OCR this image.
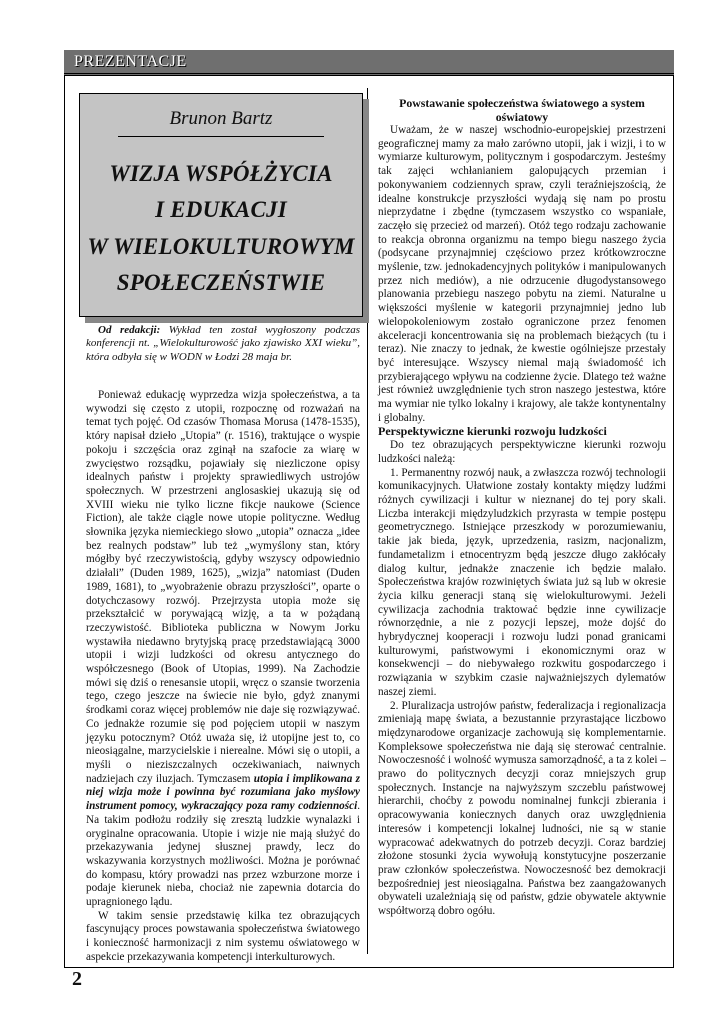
PREZENTACJE
Brunon Bartz
WIZJA WSPÓŁŻYCIA
I EDUKACJI
W WIELOKULTUROWYM
SPOŁECZEŃSTWIE

Od redakcji: Wykład ten został wygłoszony podczas konferencji nt. „Wielokulturowość jako zjawisko XXI wieku”, która odbyła się w WODN w Łodzi 28 maja br.

Ponieważ edukację wyprzedza wizja społeczeństwa, a ta wywodzi się często z utopii, rozpocznę od rozważań na temat tych pojęć. Od czasów Thomasa Morusa (1478-1535), który napisał dzieło „Utopia” (r. 1516), traktujące o wyspie pokoju i szczęścia oraz zginął na szafocie za wiarę w zwycięstwo rozsądku, pojawiały się niezliczone opisy idealnych państw i projekty sprawiedliwych ustrojów społecznych. W przestrzeni anglosaskiej ukazują się od XVIII wieku nie tylko liczne fikcje naukowe (Science Fiction), ale także ciągle nowe utopie polityczne. Według słownika języka niemieckiego słowo „utopia” oznacza „idee bez realnych podstaw” lub też „wymyślony stan, który mógłby być rzeczywistością, gdyby wszyscy odpowiednio działali” (Duden 1989, 1625), „wizja” natomiast (Duden 1989, 1681), to „wyobrażenie obrazu przyszłości”, oparte o dotychczasowy rozwój. Przejrzysta utopia może się przekształcić w porywającą wizję, a ta w pożądaną rzeczywistość. Biblioteka publiczna w Nowym Jorku wystawiła niedawno brytyjską pracę przedstawiającą 3000 utopii i wizji ludzkości od okresu antycznego do współczesnego (Book of Utopias, 1999). Na Zachodzie mówi się dziś o renesansie utopii, wręcz o szansie tworzenia tego, czego jeszcze na świecie nie było, gdyż znanymi środkami coraz więcej problemów nie daje się rozwiązywać. Co jednakże rozumie się pod pojęciem utopii w naszym języku potocznym? Otóż uważa się, iż utopijne jest to, co nieosiągalne, marzycielskie i nierealne. Mówi się o utopii, a myśli o nieziszczalnych oczekiwaniach, naiwnych nadziejach czy iluzjach. Tymczasem utopia i implikowana z niej wizja może i powinna być rozumiana jako myślowy instrument pomocy, wykraczający poza ramy codzienności. Na takim podłożu rodziły się zresztą ludzkie wynalazki i oryginalne opracowania. Utopie i wizje nie mają służyć do przekazywania jedynej słusznej prawdy, lecz do wskazywania korzystnych możliwości. Można je porównać do kompasu, który prowadzi nas przez wzburzone morze i podaje kierunek nieba, chociaż nie zapewnia dotarcia do upragnionego lądu.

W takim sensie przedstawię kilka tez obrazujących fascynujący proces powstawania społeczeństwa światowego i konieczność harmonizacji z nim systemu oświatowego w aspekcie przekazywania kompetencji interkulturowych.

Powstawanie społeczeństwa światowego a system oświatowy

Uważam, że w naszej wschodnio-europejskiej przestrzeni geograficznej mamy za mało zarówno utopii, jak i wizji, i to w wymiarze kulturowym, politycznym i gospodarczym. Jesteśmy tak zajęci wchłanianiem galopujących przemian i pokonywaniem codziennych spraw, czyli teraźniejszością, że idealne konstrukcje przyszłości wydają się nam po prostu nieprzydatne i zbędne (tymczasem wszystko co wspaniałe, zaczęło się przecież od marzeń). Otóż tego rodzaju zachowanie to reakcja obronna organizmu na tempo biegu naszego życia (podsycane przynajmniej częściowo przez krótkowzroczne myślenie, tzw. jednokadencyjnych polityków i manipulowanych przez nich mediów), a nie odrzucenie długodystansowego planowania przebiegu naszego pobytu na ziemi. Naturalne u większości myślenie w kategorii przynajmniej jedno lub wielopokoleniowym zostało ograniczone przez fenomen akceleracji koncentrowania się na problemach bieżących (tu i teraz). Nie znaczy to jednak, że kwestie ogólniejsze przestały być interesujące. Wszyscy niemal mają świadomość ich przybierającego wpływu na codzienne życie. Dlatego też ważne jest również uwzględnienie tych stron naszego jestestwa, które ma wymiar nie tylko lokalny i krajowy, ale także kontynentalny i globalny.

Perspektywiczne kierunki rozwoju ludzkości

Do tez obrazujących perspektywiczne kierunki rozwoju ludzkości należą:

1. Permanentny rozwój nauk, a zwłaszcza rozwój technologii komunikacyjnych. Ułatwione zostały kontakty między ludźmi różnych cywilizacji i kultur w nieznanej do tej pory skali. Liczba interakcji międzyludzkich przyrasta w tempie postępu geometrycznego. Istniejące przeszkody w porozumiewaniu, takie jak bieda, język, uprzedzenia, rasizm, nacjonalizm, fundametalizm i etnocentryzm będą jeszcze długo zakłócały dialog kultur, jednakże znaczenie ich będzie malało. Społeczeństwa krajów rozwiniętych świata już są lub w okresie życia kilku generacji staną się wielokulturowymi. Jeżeli cywilizacja zachodnia traktować będzie inne cywilizacje równorzędnie, a nie z pozycji lepszej, może dojść do hybrydycznej kooperacji i rozwoju ludzi ponad granicami kulturowymi, państwowymi i ekonomicznymi oraz w konsekwencji – do niebywałego rozkwitu gospodarczego i rozwiązania w szybkim czasie najważniejszych dylematów naszej ziemi.

2. Pluralizacja ustrojów państw, federalizacja i regionalizacja zmieniają mapę świata, a bezustannie przyrastające liczbowo międzynarodowe organizacje zachowują się komplementarnie. Kompleksowe społeczeństwa nie dają się sterować centralnie. Nowoczesność i wolność wymusza samorządność, a ta z kolei – prawo do politycznych decyzji coraz mniejszych grup społecznych. Instancje na najwyższym szczeblu państwowej hierarchii, choćby z powodu nominalnej funkcji zbierania i opracowywania koniecznych danych oraz uwzględnienia interesów i kompetencji lokalnej ludności, nie są w stanie wypracować adekwatnych do potrzeb decyzji. Coraz bardziej złożone stosunki życia wywołują konstytucyjne poszerzanie praw członków społeczeństwa. Nowoczesność bez demokracji bezpośredniej jest nieosiągalna. Państwa bez zaangażowanych obywateli uzależniają się od państw, gdzie obywatele aktywnie współtworzą dobro ogółu.

2
